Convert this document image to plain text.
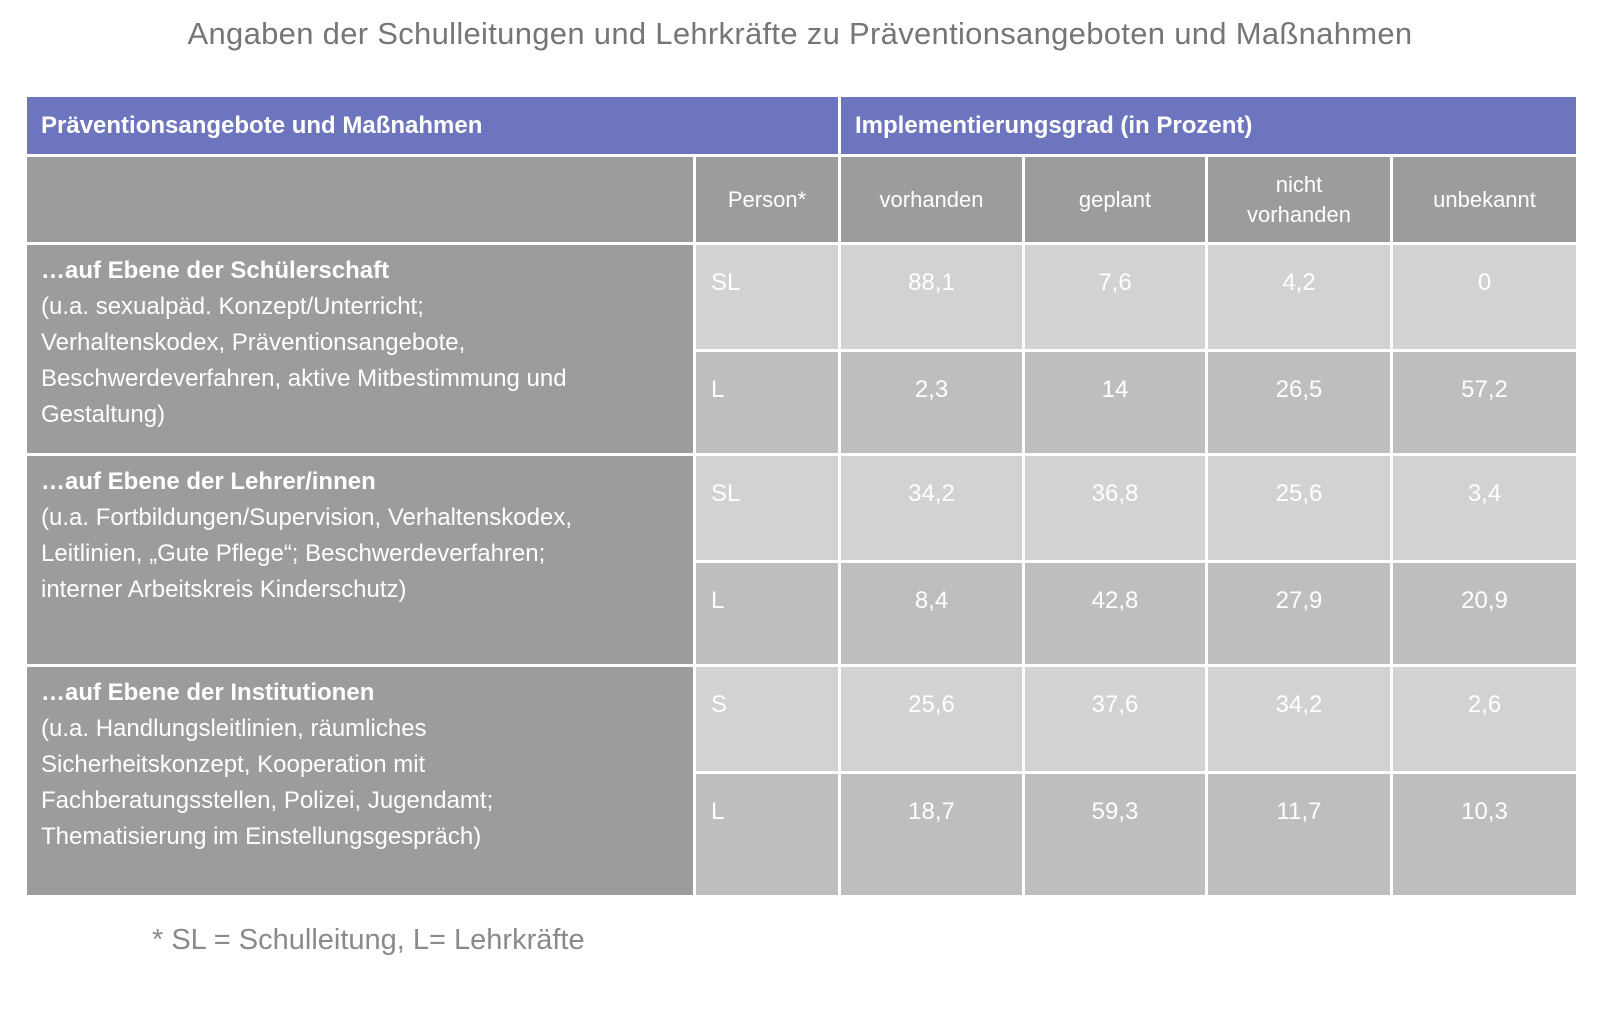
Angaben der Schulleitungen und Lehrkräfte zu Präventionsangeboten und Maßnahmen
Präventionsangebote und Maßnahmen		Implementierungsgrad (in Prozent)			
	Person*	vorhanden	geplant	nicht vorhanden	unbekannt

…auf Ebene der Schülerschaft
(u.a. sexualpäd. Konzept/Unterricht; Verhaltenskodex, Präventionsangebote, Beschwerdeverfahren, aktive Mitbestimmung und Gestaltung)	SL	88,1	7,6	4,2	0
	L	2,3	14	26,5	57,2

…auf Ebene der Lehrer/innen
(u.a. Fortbildungen/Supervision, Verhaltenskodex, Leitlinien, „Gute Pflege“; Beschwerdeverfahren; interner Arbeitskreis Kinderschutz)	SL	34,2	36,8	25,6	3,4
	L	8,4	42,8	27,9	20,9

…auf Ebene der Institutionen
(u.a. Handlungsleitlinien, räumliches Sicherheitskonzept, Kooperation mit Fachberatungsstellen, Polizei, Jugendamt; Thematisierung im Einstellungsgespräch)	S	25,6	37,6	34,2	2,6
	L	18,7	59,3	11,7	10,3
* SL = Schulleitung, L= Lehrkräfte
